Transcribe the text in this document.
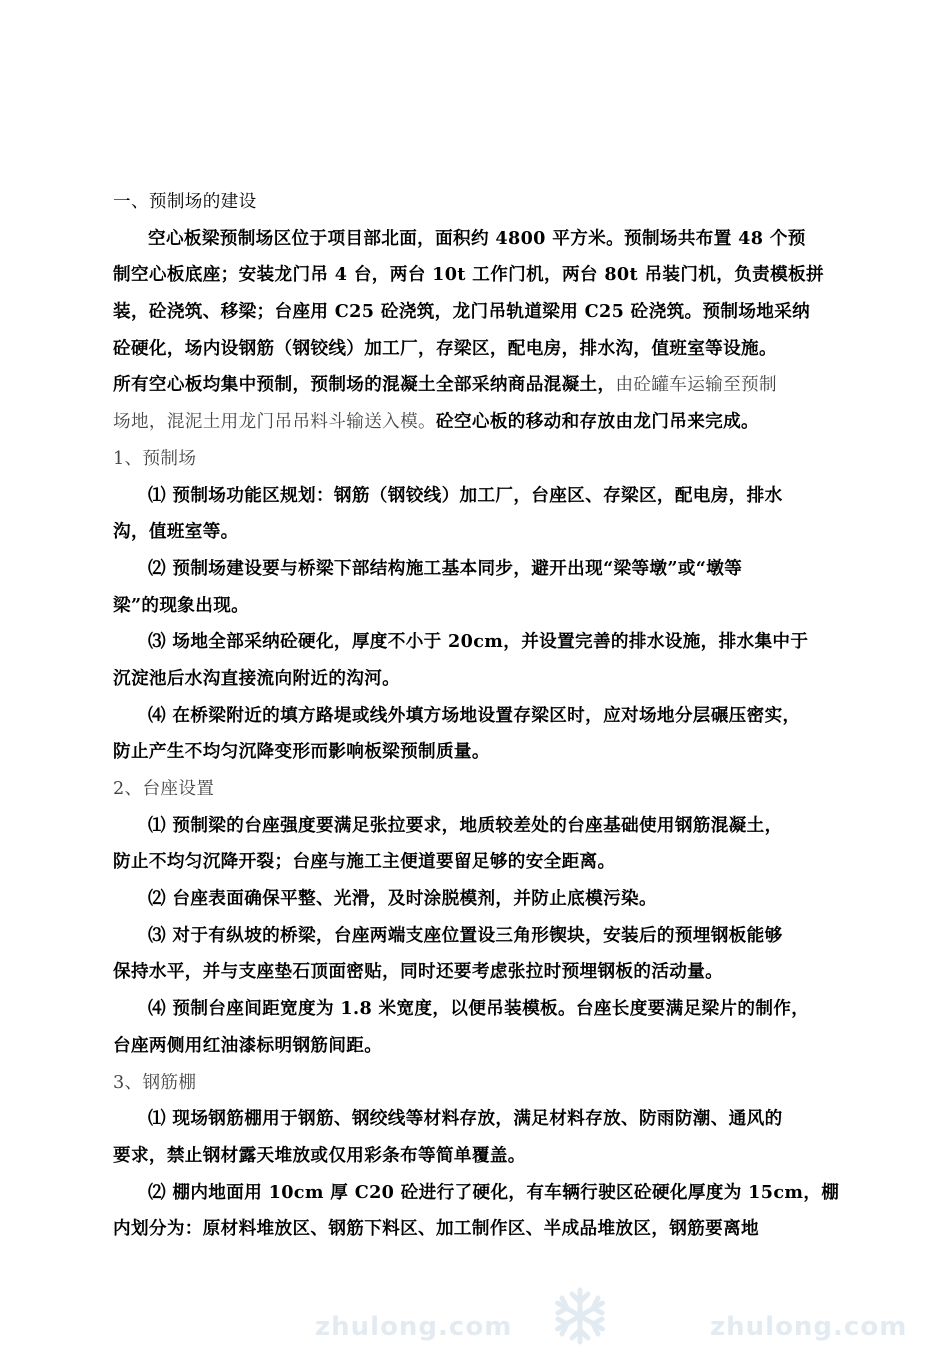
一、预制场的建设
空心板梁预制场区位于项目部北面，面积约 4800 平方米。预制场共布置 48 个预
制空心板底座；安装龙门吊 4 台，两台 10t 工作门机，两台 80t 吊装门机，负责模板拼
装，砼浇筑、移梁；台座用 C25 砼浇筑，龙门吊轨道梁用 C25 砼浇筑。预制场地采纳
砼硬化，场内设钢筋（钢铰线）加工厂，存梁区，配电房，排水沟，值班室等设施。
所有空心板均集中预制，预制场的混凝土全部采纳商品混凝土，由砼罐车运输至预制
场地，混泥土用龙门吊吊料斗输送入模。砼空心板的移动和存放由龙门吊来完成。
1、预制场
⑴ 预制场功能区规划：钢筋（钢铰线）加工厂，台座区、存梁区，配电房，排水
沟，值班室等。
⑵ 预制场建设要与桥梁下部结构施工基本同步，避开出现“梁等墩”或“墩等
梁”的现象出现。
⑶ 场地全部采纳砼硬化，厚度不小于 20cm，并设置完善的排水设施，排水集中于
沉淀池后水沟直接流向附近的沟河。
⑷ 在桥梁附近的填方路堤或线外填方场地设置存梁区时，应对场地分层碾压密实，
防止产生不均匀沉降变形而影响板梁预制质量。
2、台座设置
⑴ 预制梁的台座强度要满足张拉要求，地质较差处的台座基础使用钢筋混凝土，
防止不均匀沉降开裂；台座与施工主便道要留足够的安全距离。
⑵ 台座表面确保平整、光滑，及时涂脱模剂，并防止底模污染。
⑶ 对于有纵坡的桥梁，台座两端支座位置设三角形锲块，安装后的预埋钢板能够
保持水平，并与支座垫石顶面密贴，同时还要考虑张拉时预埋钢板的活动量。
⑷ 预制台座间距宽度为 1.8 米宽度，以便吊装模板。台座长度要满足梁片的制作，
台座两侧用红油漆标明钢筋间距。
3、钢筋棚
⑴ 现场钢筋棚用于钢筋、钢绞线等材料存放，满足材料存放、防雨防潮、通风的
要求，禁止钢材露天堆放或仅用彩条布等简单覆盖。
⑵ 棚内地面用 10cm 厚 C20 砼进行了硬化，有车辆行驶区砼硬化厚度为 15cm，棚
内划分为：原材料堆放区、钢筋下料区、加工制作区、半成品堆放区，钢筋要离地
zhulong.com	zhulong.com
